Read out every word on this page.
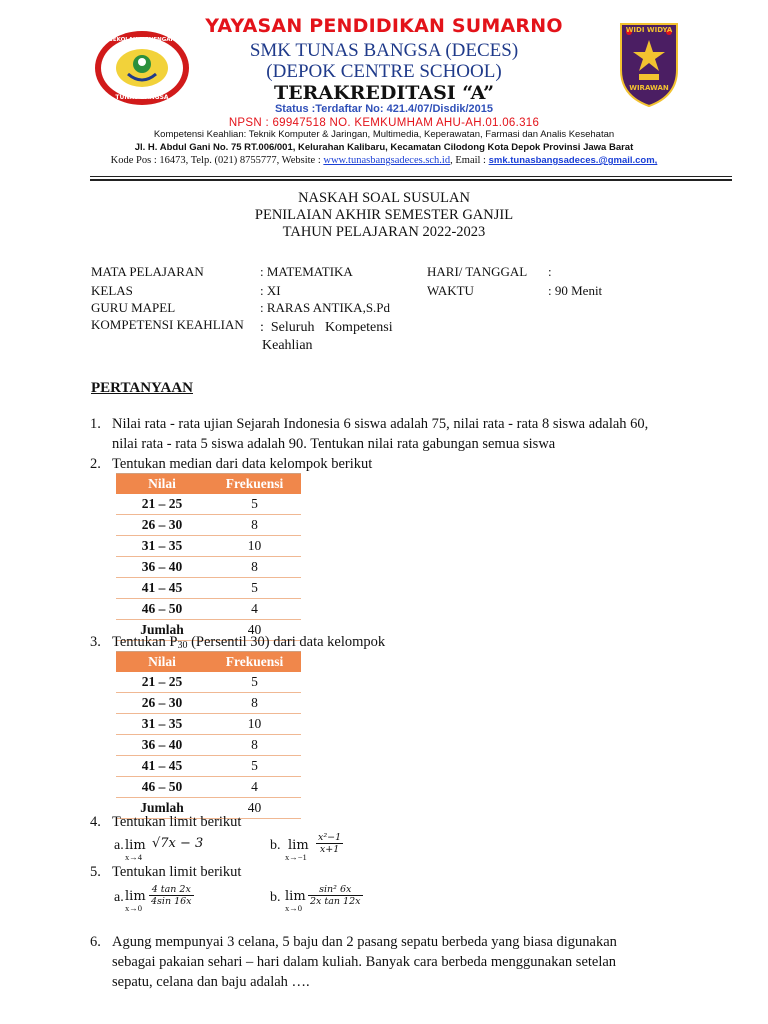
SEKOLAH MENENGAH KEJURUAN
TUNAS BANGSA
WIDI WIDYA
WIRAWAN
YAYASAN PENDIDIKAN SUMARNO
SMK TUNAS BANGSA (DECES)
(DEPOK CENTRE SCHOOL)
TERAKREDITASI “A”
Status :Terdaftar No: 421.4/07/Disdik/2015
NPSN : 69947518 NO. KEMKUMHAM AHU-AH.01.06.316
Kompetensi Keahlian: Teknik Komputer & Jaringan, Multimedia, Keperawatan, Farmasi dan Analis Kesehatan
Jl. H. Abdul Gani No. 75 RT.006/001, Kelurahan Kalibaru, Kecamatan Cilodong Kota Depok Provinsi Jawa Barat
Kode Pos : 16473, Telp. (021) 8755777, Website : www.tunasbangsadeces.sch.id, Email : smk.tunasbangsadeces.@gmail.com,
NASKAH SOAL SUSULAN
PENILAIAN AKHIR SEMESTER GANJIL
TAHUN PELAJARAN 2022-2023
MATA PELAJARAN	: MATEMATIKA	HARI/ TANGGAL :
KELAS	: XI	WAKTU	: 90 Menit
GURU MAPEL	: RARAS ANTIKA,S.Pd
KOMPETENSI KEAHLIAN :  Seluruh   Kompetensi
Keahlian
PERTANYAAN
1. Nilai rata - rata ujian Sejarah Indonesia 6 siswa adalah 75, nilai rata - rata 8 siswa adalah 60,
nilai rata - rata 5 siswa adalah 90. Tentukan nilai rata gabungan semua siswa
2. Tentukan median dari data kelompok berikut
Nilai	Frekuensi
21 – 25	5
26 – 30	8
31 – 35	10
36 – 40	8
41 – 45	5
46 – 50	4
Jumlah	40
3. Tentukan P30 (Persentil 30) dari data kelompok
Nilai	Frekuensi
21 – 25	5
26 – 30	8
31 – 35	10
36 – 40	8
41 – 45	5
46 – 50	4
Jumlah	40
4. Tentukan limit berikut
a. lim
x→4
√7x − 3	b. lim
x→−1
$\frac{\text{x²−1}}{x+1}$
5. Tentukan limit berikut
a. lim
x→0
$\frac{4 \tan 2x}{4\sin 16x}$	b. lim
x→0
$\frac{\text{sin² 6x}}{\text{2x tan 12x}}$
6. Agung mempunyai 3 celana, 5 baju dan 2 pasang sepatu berbeda yang biasa digunakan
sebagai pakaian sehari – hari dalam kuliah. Banyak cara berbeda menggunakan setelan
sepatu, celana dan baju adalah ….
